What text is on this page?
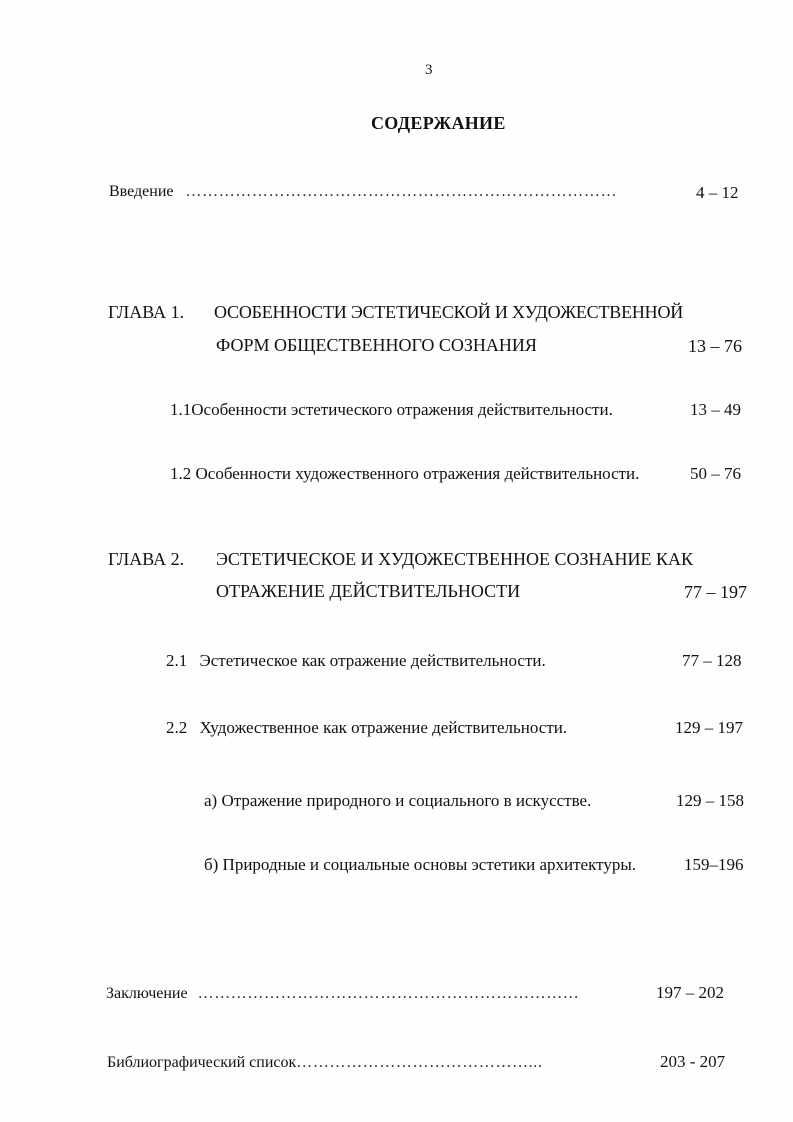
3
СОДЕРЖАНИЕ
Введение ……………………………………………………………………	4 – 12
ГЛАВА 1. ОСОБЕННОСТИ ЭСТЕТИЧЕСКОЙ И ХУДОЖЕСТВЕННОЙ
ФОРМ ОБЩЕСТВЕННОГО СОЗНАНИЯ	13 – 76
1.1Особенности эстетического отражения действительности.	13 – 49
1.2 Особенности художественного отражения действительности.	50 – 76
ГЛАВА 2. ЭСТЕТИЧЕСКОЕ И ХУДОЖЕСТВЕННОЕ СОЗНАНИЕ КАК
ОТРАЖЕНИЕ ДЕЙСТВИТЕЛЬНОСТИ	77 – 197
2.1 Эстетическое как отражение действительности.	77 – 128
2.2 Художественное как отражение действительности.	129 – 197
а) Отражение природного и социального в искусстве.	129 – 158
б) Природные и социальные основы эстетики архитектуры.	159–196
Заключение ……………………………………………………………	197 – 202
Библиографический список……………………………………...	203 - 207
